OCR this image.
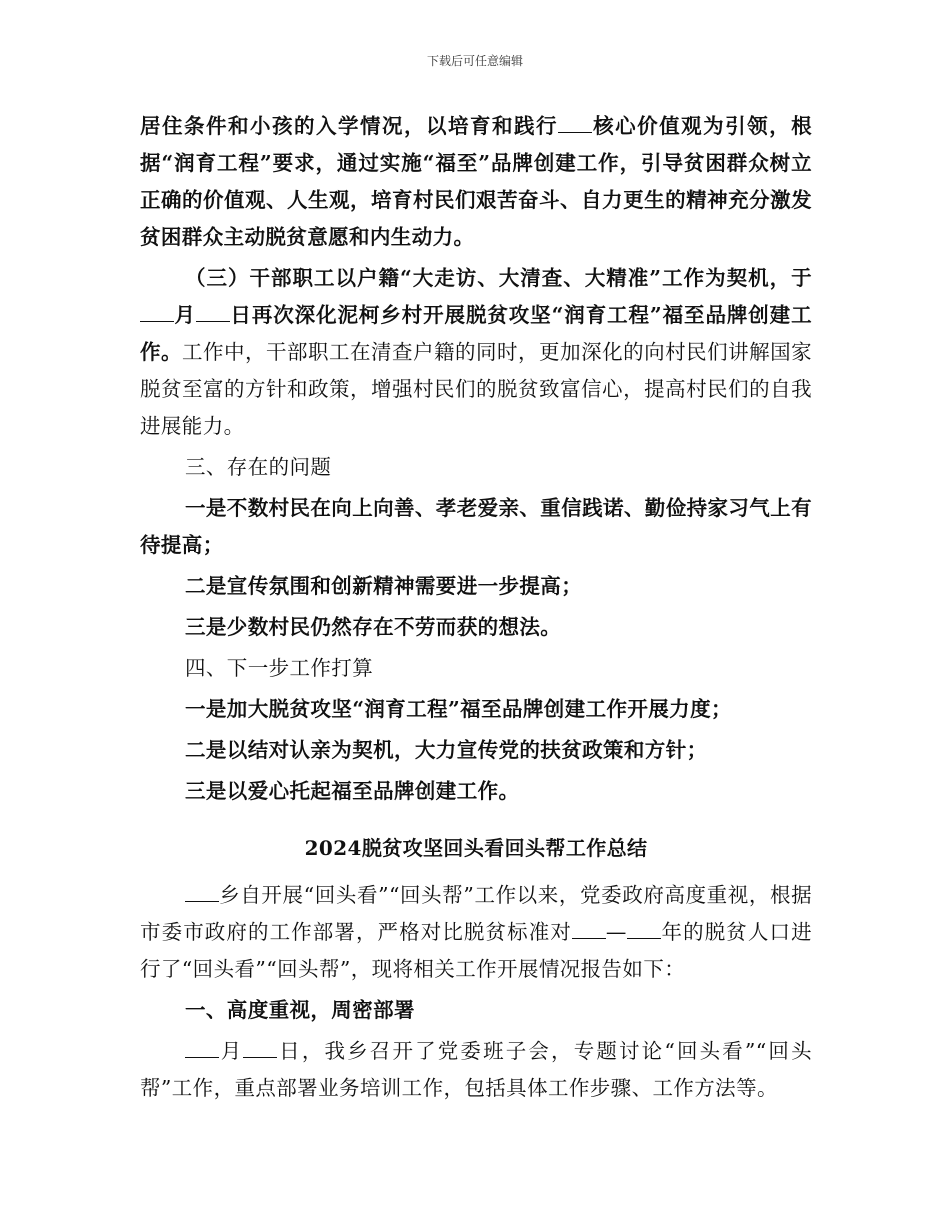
下载后可任意编辑

居住条件和小孩的入学情况，以培育和践行 核心价值观为引领，根据“润育工程”要求，通过实施“福至”品牌创建工作，引导贫困群众树立正确的价值观、人生观，培育村民们艰苦奋斗、自力更生的精神充分激发贫困群众主动脱贫意愿和内生动力。

（三）干部职工以户籍“大走访、大清查、大精准”工作为契机，于月 日再次深化泥柯乡村开展脱贫攻坚“润育工程”福至品牌创建工作。工作中，干部职工在清查户籍的同时，更加深化的向村民们讲解国家脱贫至富的方针和政策，增强村民们的脱贫致富信心，提高村民们的自我进展能力。

三、存在的问题

一是不数村民在向上向善、孝老爱亲、重信践诺、勤俭持家习气上有待提高；

二是宣传氛围和创新精神需要进一步提高；

三是少数村民仍然存在不劳而获的想法。

四、下一步工作打算

一是加大脱贫攻坚“润育工程”福至品牌创建工作开展力度；

二是以结对认亲为契机，大力宣传党的扶贫政策和方针；

三是以爱心托起福至品牌创建工作。

2024脱贫攻坚回头看回头帮工作总结

乡自开展“回头看”“回头帮”工作以来，党委政府高度重视，根据市委市政府的工作部署，严格对比脱贫标准对 — 年的脱贫人口进行了“回头看”“回头帮”，现将相关工作开展情况报告如下：

一、高度重视，周密部署

月 日，我乡召开了党委班子会，专题讨论“回头看”“回头帮”工作，重点部署业务培训工作，包括具体工作步骤、工作方法等。
